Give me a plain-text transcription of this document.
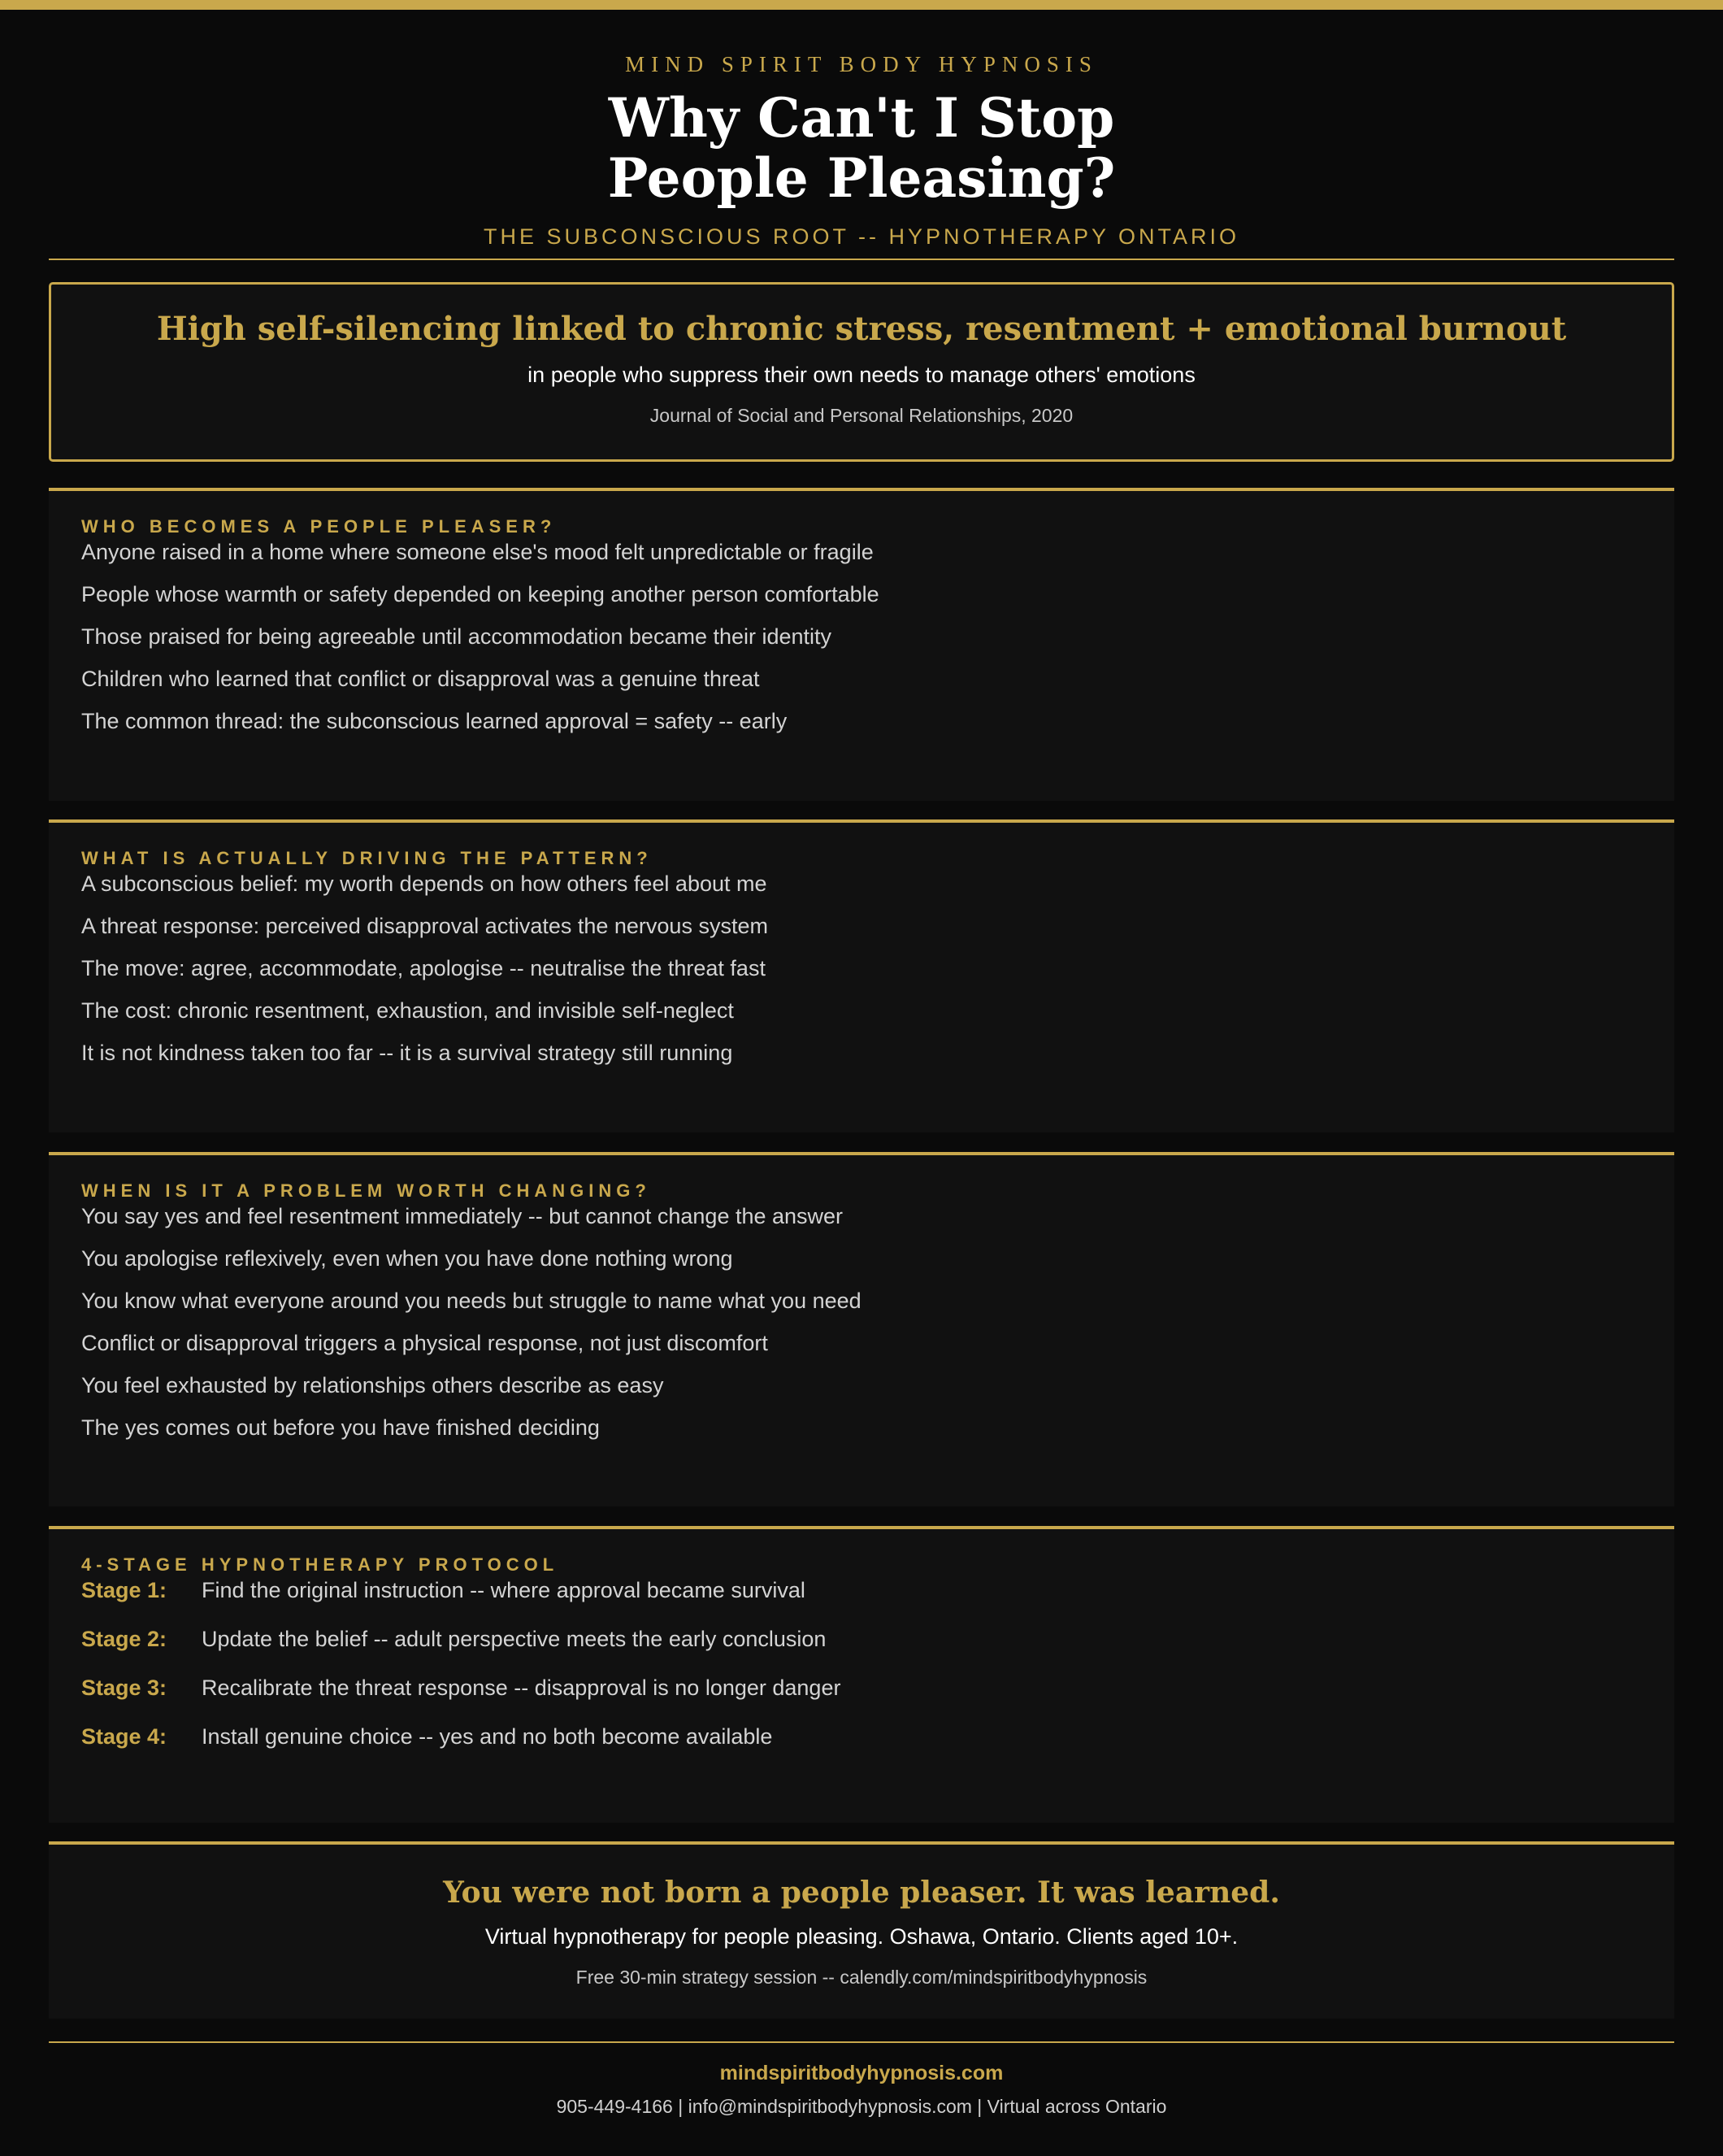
MIND SPIRIT BODY HYPNOSIS
Why Can't I Stop
People Pleasing?
THE SUBCONSCIOUS ROOT -- HYPNOTHERAPY ONTARIO
High self-silencing linked to chronic stress, resentment + emotional burnout
in people who suppress their own needs to manage others' emotions
Journal of Social and Personal Relationships, 2020
WHO BECOMES A PEOPLE PLEASER?
Anyone raised in a home where someone else's mood felt unpredictable or fragile
People whose warmth or safety depended on keeping another person comfortable
Those praised for being agreeable until accommodation became their identity
Children who learned that conflict or disapproval was a genuine threat
The common thread: the subconscious learned approval = safety -- early
WHAT IS ACTUALLY DRIVING THE PATTERN?
A subconscious belief: my worth depends on how others feel about me
A threat response: perceived disapproval activates the nervous system
The move: agree, accommodate, apologise -- neutralise the threat fast
The cost: chronic resentment, exhaustion, and invisible self-neglect
It is not kindness taken too far -- it is a survival strategy still running
WHEN IS IT A PROBLEM WORTH CHANGING?
You say yes and feel resentment immediately -- but cannot change the answer
You apologise reflexively, even when you have done nothing wrong
You know what everyone around you needs but struggle to name what you need
Conflict or disapproval triggers a physical response, not just discomfort
You feel exhausted by relationships others describe as easy
The yes comes out before you have finished deciding
4-STAGE HYPNOTHERAPY PROTOCOL
Stage 1:	Find the original instruction -- where approval became survival
Stage 2:	Update the belief -- adult perspective meets the early conclusion
Stage 3:	Recalibrate the threat response -- disapproval is no longer danger
Stage 4:	Install genuine choice -- yes and no both become available
You were not born a people pleaser. It was learned.
Virtual hypnotherapy for people pleasing. Oshawa, Ontario. Clients aged 10+.
Free 30-min strategy session -- calendly.com/mindspiritbodyhypnosis
mindspiritbodyhypnosis.com
905-449-4166 | info@mindspiritbodyhypnosis.com | Virtual across Ontario
